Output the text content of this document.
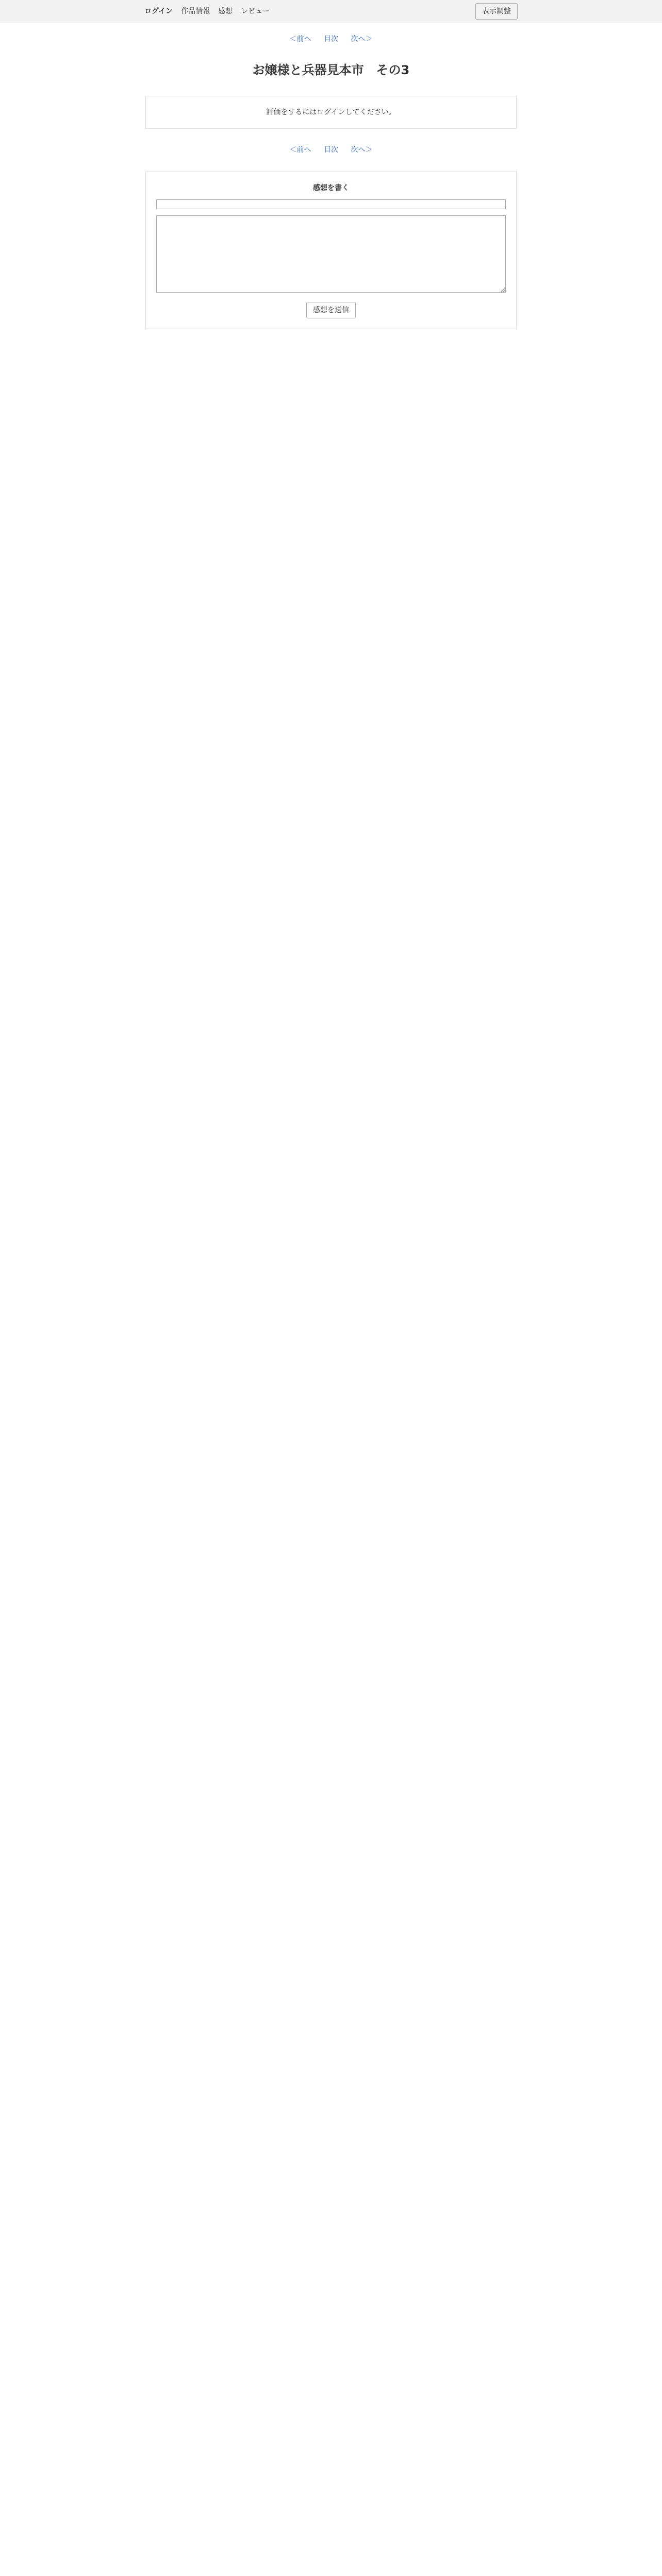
ログイン 作品情報 感想 レビュー	表示調整
＜前へ 目次 次へ＞
お嬢様と兵器見本市　その3
評価をするにはログインしてください。
＜前へ 目次 次へ＞
感想を書く

感想を送信
